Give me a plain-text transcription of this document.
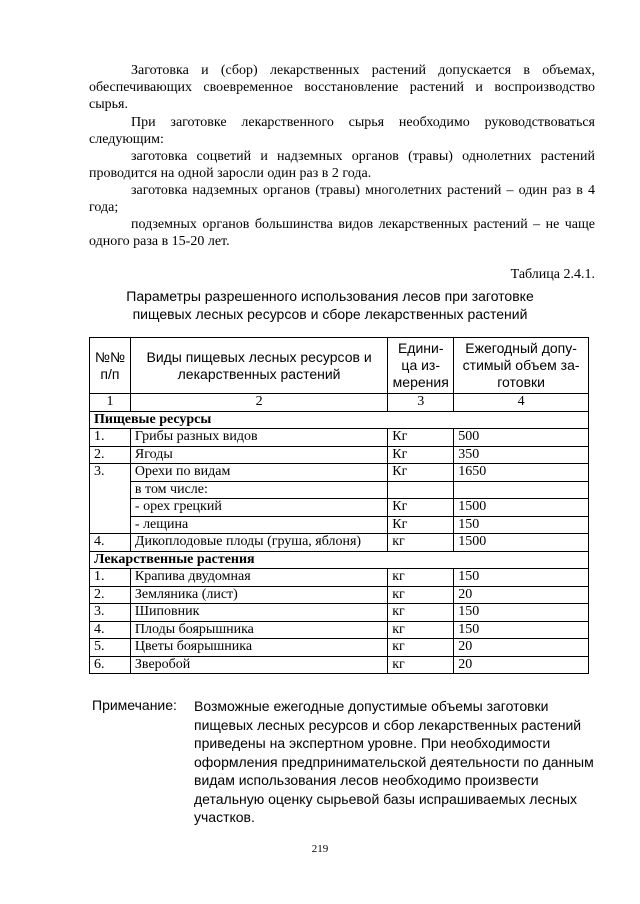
Заготовка и (сбор) лекарственных растений допускается в объемах, обеспечивающих своевременное восстановление растений и воспроизводство сырья.

При заготовке лекарственного сырья необходимо руководствоваться следующим:

заготовка соцветий и надземных органов (травы) однолетних растений проводится на одной заросли один раз в 2 года.

заготовка надземных органов (травы) многолетних растений – один раз в 4 года;

подземных органов большинства видов лекарственных растений – не чаще одного раза в 15-20 лет.

Таблица 2.4.1.
Параметры разрешенного использования лесов при заготовке
пищевых лесных ресурсов и сборе лекарственных растений
№№ п/п	Виды пищевых лесных ресурсов и лекарственных растений	Едини-ца из-мерения	Ежегодный допу-стимый объем за-готовки
1	2	3	4
Пищевые ресурсы			
1.	Грибы разных видов	Кг	500
2.	Ягоды	Кг	350
3.	Орехи по видам	Кг	1650
	в том числе:		
	- орех грецкий	Кг	1500
	- лещина	Кг	150
4.	Дикоплодовые плоды (груша, яблоня)	кг	1500
Лекарственные растения			
1.	Крапива двудомная	кг	150
2.	Земляника (лист)	кг	20
3.	Шиповник	кг	150
4.	Плоды боярышника	кг	150
5.	Цветы боярышника	кг	20
6.	Зверобой	кг	20
Примечание: Возможные ежегодные допустимые объемы заготовки пищевых лесных ресурсов и сбор лекарственных растений приведены на экспертном уровне. При необходимости оформления предпринимательской деятельности по данным видам использования лесов необходимо произвести детальную оценку сырьевой базы испрашиваемых лесных участков.

219
